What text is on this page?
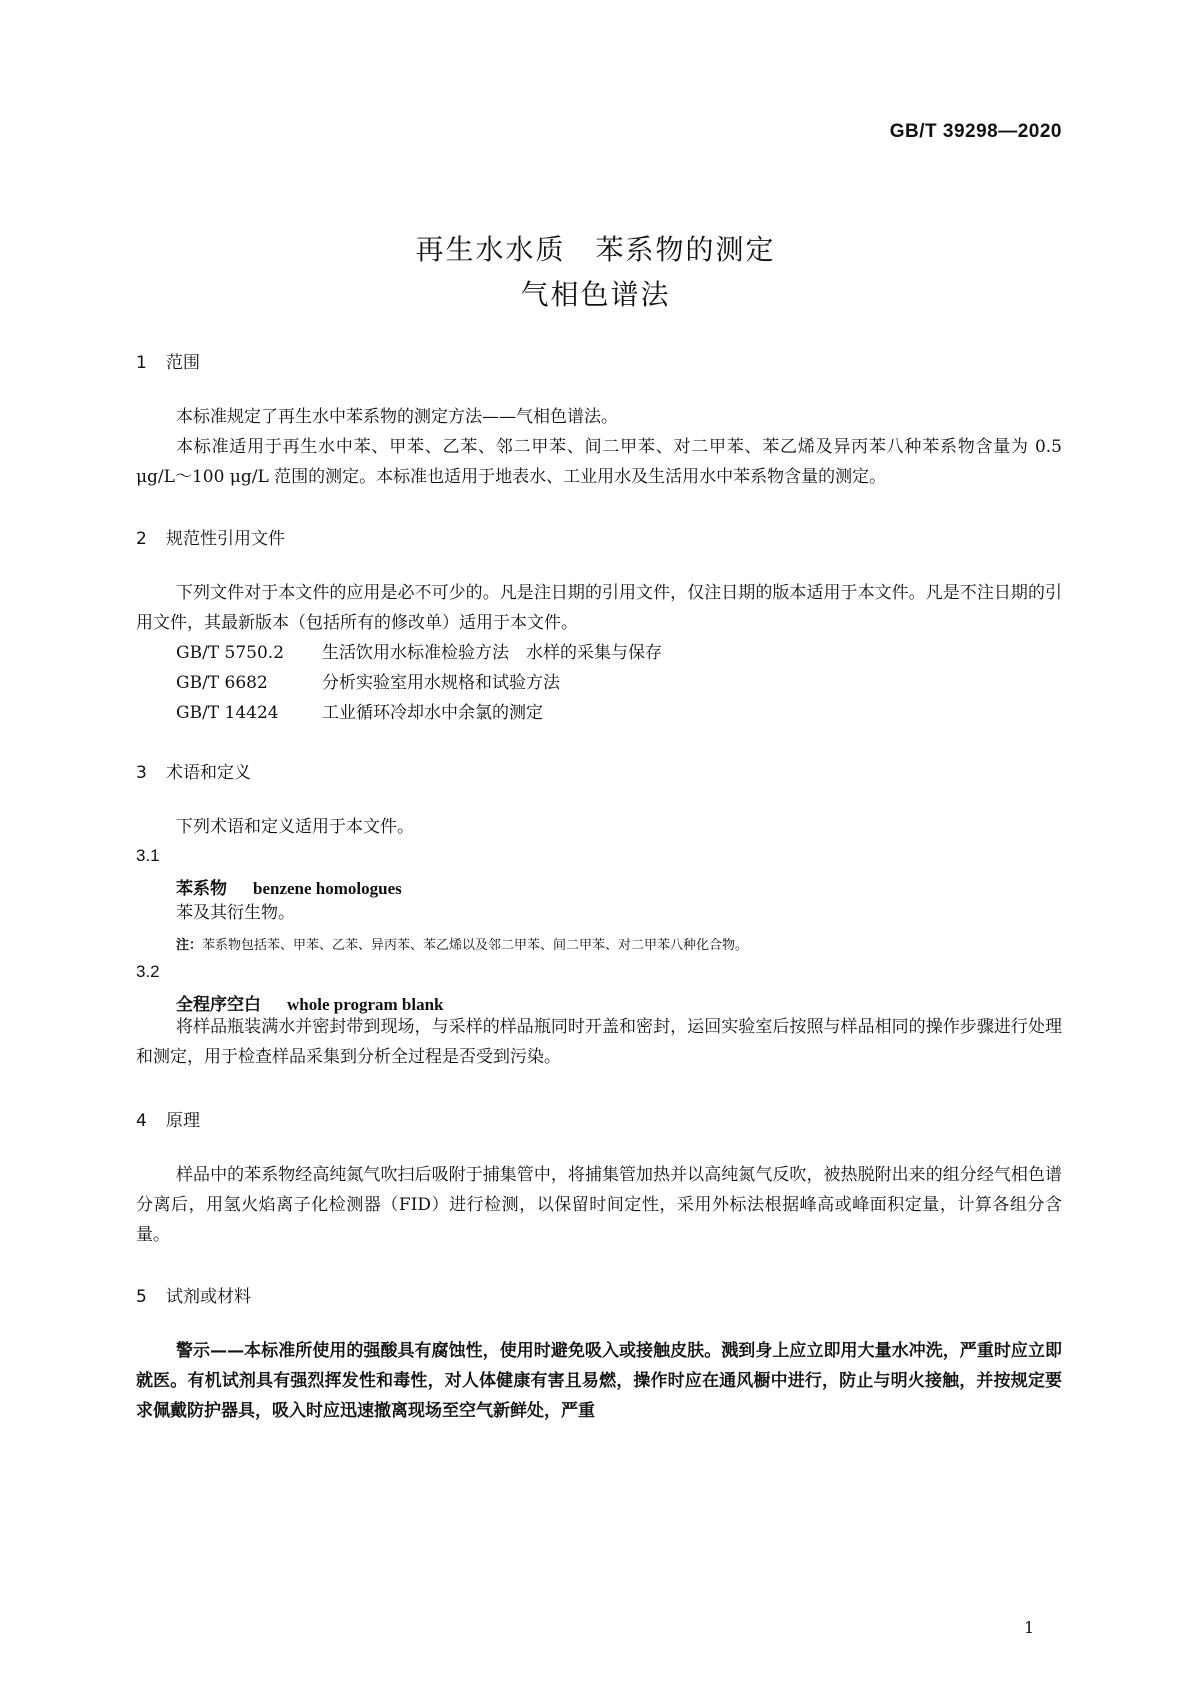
GB/T 39298—2020
再生水水质　苯系物的测定
气相色谱法
1 范围
本标准规定了再生水中苯系物的测定方法——气相色谱法。
本标准适用于再生水中苯、甲苯、乙苯、邻二甲苯、间二甲苯、对二甲苯、苯乙烯及异丙苯八种苯系物含量为 0.5 μg/L～100 μg/L 范围的测定。本标准也适用于地表水、工业用水及生活用水中苯系物含量的测定。
2 规范性引用文件
下列文件对于本文件的应用是必不可少的。凡是注日期的引用文件，仅注日期的版本适用于本文件。凡是不注日期的引用文件，其最新版本（包括所有的修改单）适用于本文件。
GB/T 5750.2 生活饮用水标准检验方法　水样的采集与保存
GB/T 6682	分析实验室用水规格和试验方法
GB/T 14424	工业循环冷却水中余氯的测定
3 术语和定义
下列术语和定义适用于本文件。
3.1
苯系物 benzene homologues
苯及其衍生物。
注：苯系物包括苯、甲苯、乙苯、异丙苯、苯乙烯以及邻二甲苯、间二甲苯、对二甲苯八种化合物。
3.2
全程序空白 whole program blank
将样品瓶装满水并密封带到现场，与采样的样品瓶同时开盖和密封，运回实验室后按照与样品相同的操作步骤进行处理和测定，用于检查样品采集到分析全过程是否受到污染。
4 原理
样品中的苯系物经高纯氮气吹扫后吸附于捕集管中，将捕集管加热并以高纯氮气反吹，被热脱附出来的组分经气相色谱分离后，用氢火焰离子化检测器（FID）进行检测，以保留时间定性，采用外标法根据峰高或峰面积定量，计算各组分含量。
5 试剂或材料
警示——本标准所使用的强酸具有腐蚀性，使用时避免吸入或接触皮肤。溅到身上应立即用大量水冲洗，严重时应立即就医。有机试剂具有强烈挥发性和毒性，对人体健康有害且易燃，操作时应在通风橱中进行，防止与明火接触，并按规定要求佩戴防护器具，吸入时应迅速撤离现场至空气新鲜处，严重
1
